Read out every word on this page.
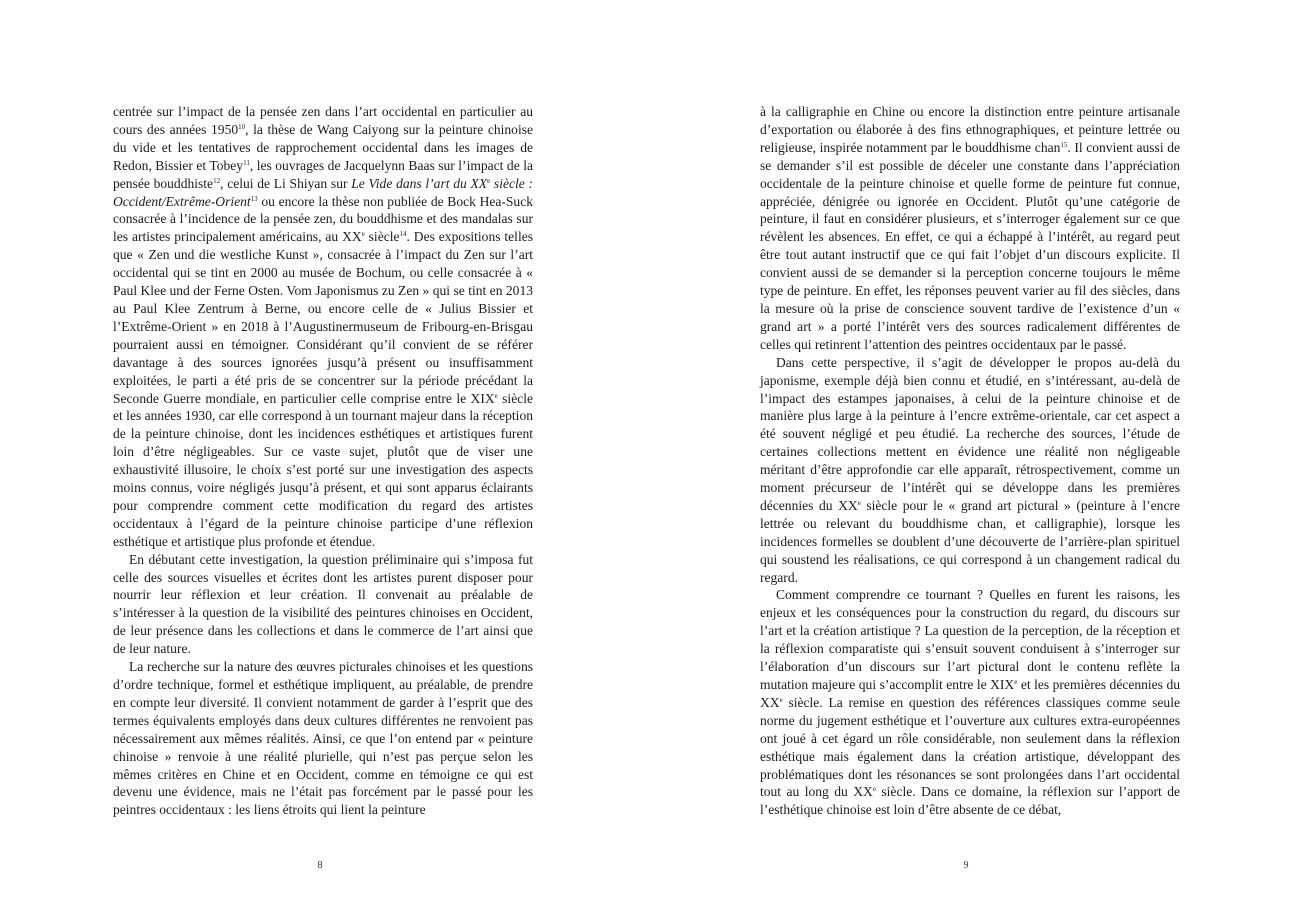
centrée sur l’impact de la pensée zen dans l’art occidental en particulier au cours des années 1950$^{10}$, la thèse de Wang Caiyong sur la peinture chinoise du vide et les tentatives de rapprochement occidental dans les images de Redon, Bissier et Tobey$^{11}$, les ouvrages de Jacquelynn Baas sur l’impact de la pensée bouddhiste$^{12}$, celui de Li Shiyan sur Le Vide dans l’art du XXe siècle : Occident/Extrême-Orient$^{13}$ ou encore la thèse non publiée de Bock Hea-Suck consacrée à l’incidence de la pensée zen, du bouddhisme et des mandalas sur les artistes principalement américains, au XXe siècle$^{14}$. Des expositions telles que « Zen und die westliche Kunst », consacrée à l’impact du Zen sur l’art occidental qui se tint en 2000 au musée de Bochum, ou celle consacrée à « Paul Klee und der Ferne Osten. Vom Japonismus zu Zen » qui se tint en 2013 au Paul Klee Zentrum à Berne, ou encore celle de « Julius Bissier et l’Extrême-Orient » en 2018 à l’Augustinermuseum de Fribourg-en-Brisgau pourraient aussi en témoigner. Considérant qu’il convient de se référer davantage à des sources ignorées jusqu’à présent ou insuffisamment exploitées, le parti a été pris de se concentrer sur la période précédant la Seconde Guerre mondiale, en particulier celle comprise entre le XIXe siècle et les années 1930, car elle correspond à un tournant majeur dans la réception de la peinture chinoise, dont les incidences esthétiques et artistiques furent loin d’être négligeables. Sur ce vaste sujet, plutôt que de viser une exhaustivité illusoire, le choix s’est porté sur une investigation des aspects moins connus, voire négligés jusqu’à présent, et qui sont apparus éclairants pour comprendre comment cette modification du regard des artistes occidentaux à l’égard de la peinture chinoise participe d’une réflexion esthétique et artistique plus profonde et étendue.

En débutant cette investigation, la question préliminaire qui s’imposa fut celle des sources visuelles et écrites dont les artistes purent disposer pour nourrir leur réflexion et leur création. Il convenait au préalable de s’intéresser à la question de la visibilité des peintures chinoises en Occident, de leur présence dans les collections et dans le commerce de l’art ainsi que de leur nature.

La recherche sur la nature des œuvres picturales chinoises et les questions d’ordre technique, formel et esthétique impliquent, au préalable, de prendre en compte leur diversité. Il convient notamment de garder à l’esprit que des termes équivalents employés dans deux cultures différentes ne renvoient pas nécessairement aux mêmes réalités. Ainsi, ce que l’on entend par « peinture chinoise » renvoie à une réalité plurielle, qui n’est pas perçue selon les mêmes critères en Chine et en Occident, comme en témoigne ce qui est devenu une évidence, mais ne l’était pas forcément par le passé pour les peintres occidentaux : les liens étroits qui lient la peinture

8

à la calligraphie en Chine ou encore la distinction entre peinture artisanale d’exportation ou élaborée à des fins ethnographiques, et peinture lettrée ou religieuse, inspirée notamment par le bouddhisme chan$^{15}$. Il convient aussi de se demander s’il est possible de déceler une constante dans l’appréciation occidentale de la peinture chinoise et quelle forme de peinture fut connue, appréciée, dénigrée ou ignorée en Occident. Plutôt qu’une catégorie de peinture, il faut en considérer plusieurs, et s’interroger également sur ce que révèlent les absences. En effet, ce qui a échappé à l’intérêt, au regard peut être tout autant instructif que ce qui fait l’objet d’un discours explicite. Il convient aussi de se demander si la perception concerne toujours le même type de peinture. En effet, les réponses peuvent varier au fil des siècles, dans la mesure où la prise de conscience souvent tardive de l’existence d’un « grand art » a porté l’intérêt vers des sources radicalement différentes de celles qui retinrent l’attention des peintres occidentaux par le passé.

Dans cette perspective, il s’agit de développer le propos au-delà du japonisme, exemple déjà bien connu et étudié, en s’intéressant, au-delà de l’impact des estampes japonaises, à celui de la peinture chinoise et de manière plus large à la peinture à l’encre extrême-orientale, car cet aspect a été souvent négligé et peu étudié. La recherche des sources, l’étude de certaines collections mettent en évidence une réalité non négligeable méritant d’être approfondie car elle apparaît, rétrospectivement, comme un moment précurseur de l’intérêt qui se développe dans les premières décennies du XXe siècle pour le « grand art pictural » (peinture à l’encre lettrée ou relevant du bouddhisme chan, et calligraphie), lorsque les incidences formelles se doublent d’une découverte de l’arrière-plan spirituel qui soustend les réalisations, ce qui correspond à un changement radical du regard.

Comment comprendre ce tournant ? Quelles en furent les raisons, les enjeux et les conséquences pour la construction du regard, du discours sur l’art et la création artistique ? La question de la perception, de la réception et la réflexion comparatiste qui s’ensuit souvent conduisent à s’interroger sur l’élaboration d’un discours sur l’art pictural dont le contenu reflète la mutation majeure qui s’accomplit entre le XIXe et les premières décennies du XXe siècle. La remise en question des références classiques comme seule norme du jugement esthétique et l’ouverture aux cultures extra-européennes ont joué à cet égard un rôle considérable, non seulement dans la réflexion esthétique mais également dans la création artistique, développant des problématiques dont les résonances se sont prolongées dans l’art occidental tout au long du XXe siècle. Dans ce domaine, la réflexion sur l’apport de l’esthétique chinoise est loin d’être absente de ce débat,

9
